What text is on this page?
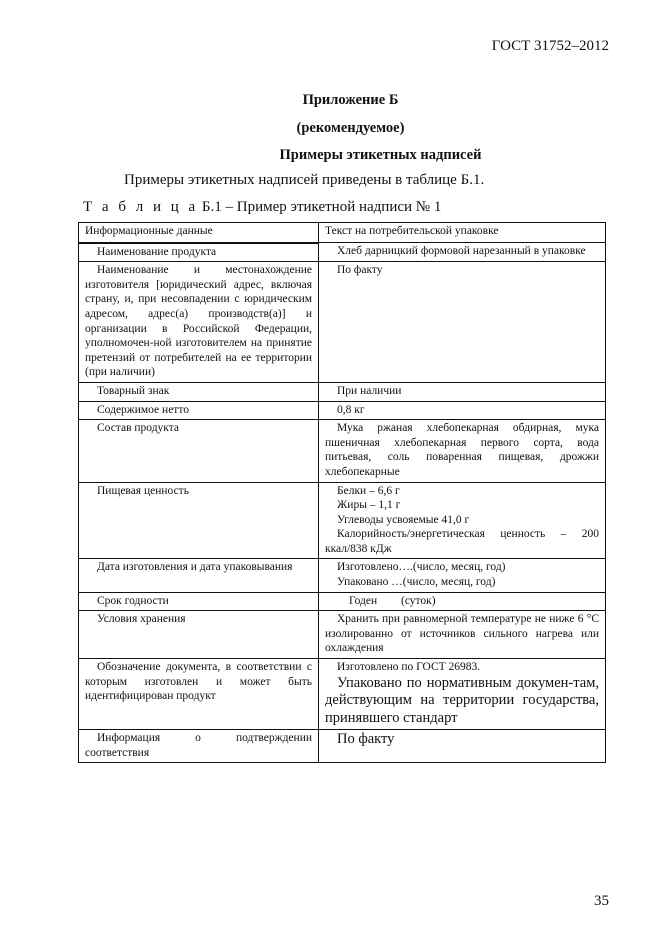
ГОСТ 31752–2012
Приложение Б
(рекомендуемое)
Примеры этикетных надписей
Примеры этикетных надписей приведены в таблице Б.1.
Т а б л и ц а Б.1 – Пример этикетной надписи № 1
Информационные данные	Текст на потребительской упаковке
Наименование продукта	Хлеб дарницкий формовой нарезанный в упаковке
Наименование и местонахождение изготовителя [юридический адрес, включая страну, и, при несовпадении с юридическим адресом, адрес(а) производств(а)] и организации в Российской Федерации, уполномочен-ной изготовителем на принятие претензий от потребителей на ее территории (при наличии)	По факту
Товарный знак	При наличии
Содержимое нетто	0,8 кг
Состав продукта	Мука ржаная хлебопекарная обдирная, мука пшеничная хлебопекарная первого сорта, вода питьевая, соль поваренная пищевая, дрожжи хлебопекарные
Пищевая ценность	Белки – 6,6 г
Жиры – 1,1 г
Углеводы усвояемые 41,0 г
Калорийность/энергетическая ценность – 200 ккал/838 кДж

Дата изготовления и дата упаковывания	Изготовлено….(число, месяц, год)
Упаковано …(число, месяц, год)

Срок годности	Годен (суток)
Условия хранения	Хранить при равномерной температуре не ниже 6 °С изолированно от источников сильного нагрева или охлаждения
Обозначение документа, в соответствии с которым изготовлен и может быть идентифицирован продукт	Изготовлено по ГОСТ 26983.
Упаковано по нормативным докумен-там, действующим на территории государства, принявшего стандарт

Информация о подтверждении соответствия	По факту
35
